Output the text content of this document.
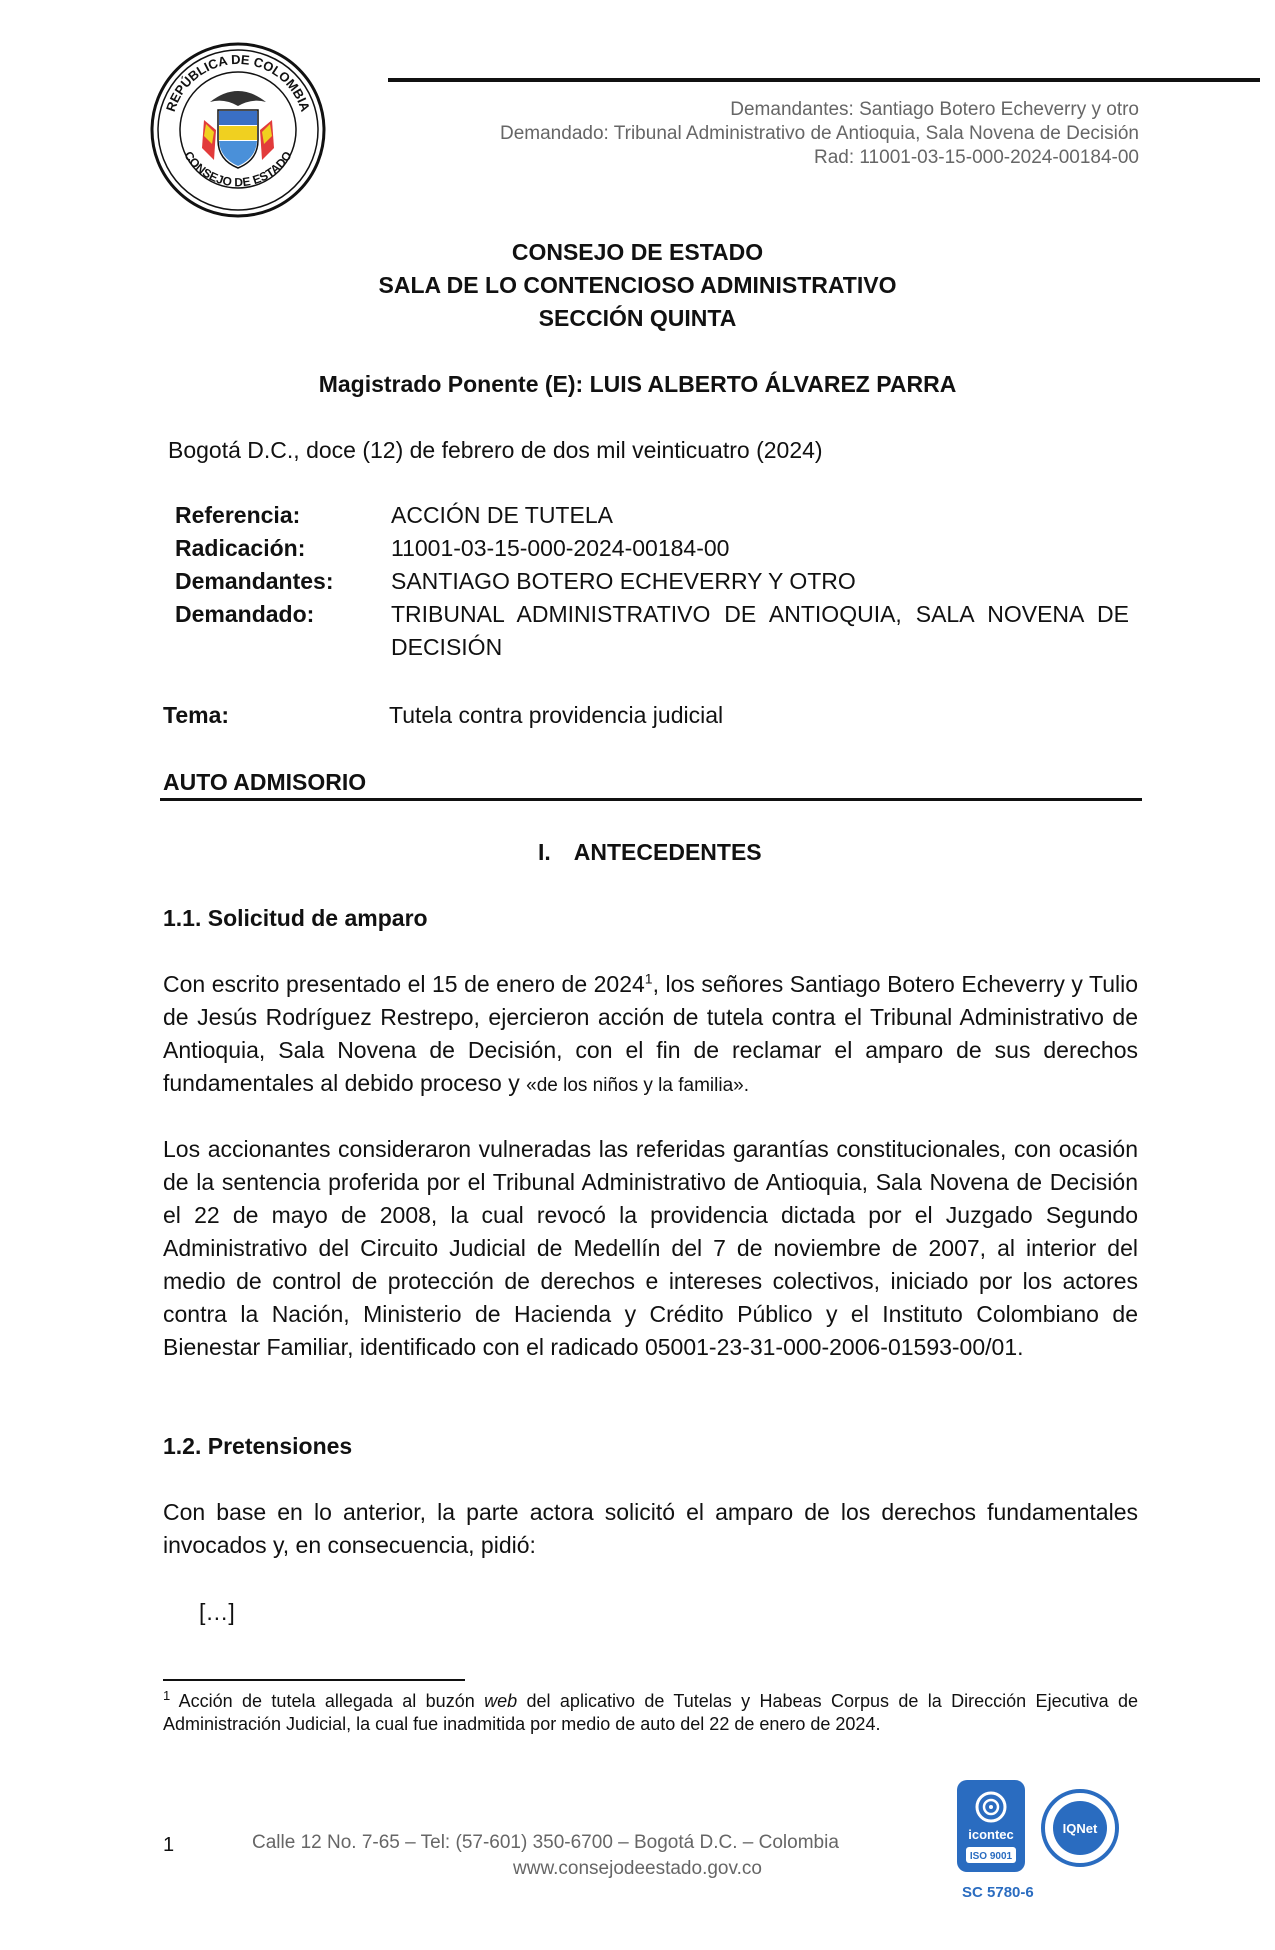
REPÚBLICA DE COLOMBIA
CONSEJO DE ESTADO
Demandantes: Santiago Botero Echeverry y otro
Demandado: Tribunal Administrativo de Antioquia, Sala Novena de Decisión
Rad: 11001-03-15-000-2024-00184-00
CONSEJO DE ESTADO
SALA DE LO CONTENCIOSO ADMINISTRATIVO
SECCIÓN QUINTA
Magistrado Ponente (E): LUIS ALBERTO ÁLVAREZ PARRA
Bogotá D.C., doce (12) de febrero de dos mil veinticuatro (2024)
Referencia:	ACCIÓN DE TUTELA
Radicación:	11001-03-15-000-2024-00184-00
Demandantes:	SANTIAGO BOTERO ECHEVERRY Y OTRO
Demandado:	TRIBUNAL ADMINISTRATIVO DE ANTIOQUIA, SALA NOVENA DE DECISIÓN
Tema:	Tutela contra providencia judicial
AUTO ADMISORIO
I. ANTECEDENTES
1.1. Solicitud de amparo
Con escrito presentado el 15 de enero de 2024$^1$, los señores Santiago Botero Echeverry y Tulio de Jesús Rodríguez Restrepo, ejercieron acción de tutela contra el Tribunal Administrativo de Antioquia, Sala Novena de Decisión, con el fin de reclamar el amparo de sus derechos fundamentales al debido proceso y «de los niños y la familia».
Los accionantes consideraron vulneradas las referidas garantías constitucionales, con ocasión de la sentencia proferida por el Tribunal Administrativo de Antioquia, Sala Novena de Decisión el 22 de mayo de 2008, la cual revocó la providencia dictada por el Juzgado Segundo Administrativo del Circuito Judicial de Medellín del 7 de noviembre de 2007, al interior del medio de control de protección de derechos e intereses colectivos, iniciado por los actores contra la Nación, Ministerio de Hacienda y Crédito Público y el Instituto Colombiano de Bienestar Familiar, identificado con el radicado 05001-23-31-000-2006-01593-00/01.
1.2. Pretensiones
Con base en lo anterior, la parte actora solicitó el amparo de los derechos fundamentales invocados y, en consecuencia, pidió:
[…]
$^1$ Acción de tutela allegada al buzón web del aplicativo de Tutelas y Habeas Corpus de la Dirección Ejecutiva de Administración Judicial, la cual fue inadmitida por medio de auto del 22 de enero de 2024.
1	Calle 12 No. 7-65 – Tel: (57-601) 350-6700 – Bogotá D.C. – Colombia
www.consejodeestado.gov.co
icontec
ISO 9001
IQNet
SC 5780-6
